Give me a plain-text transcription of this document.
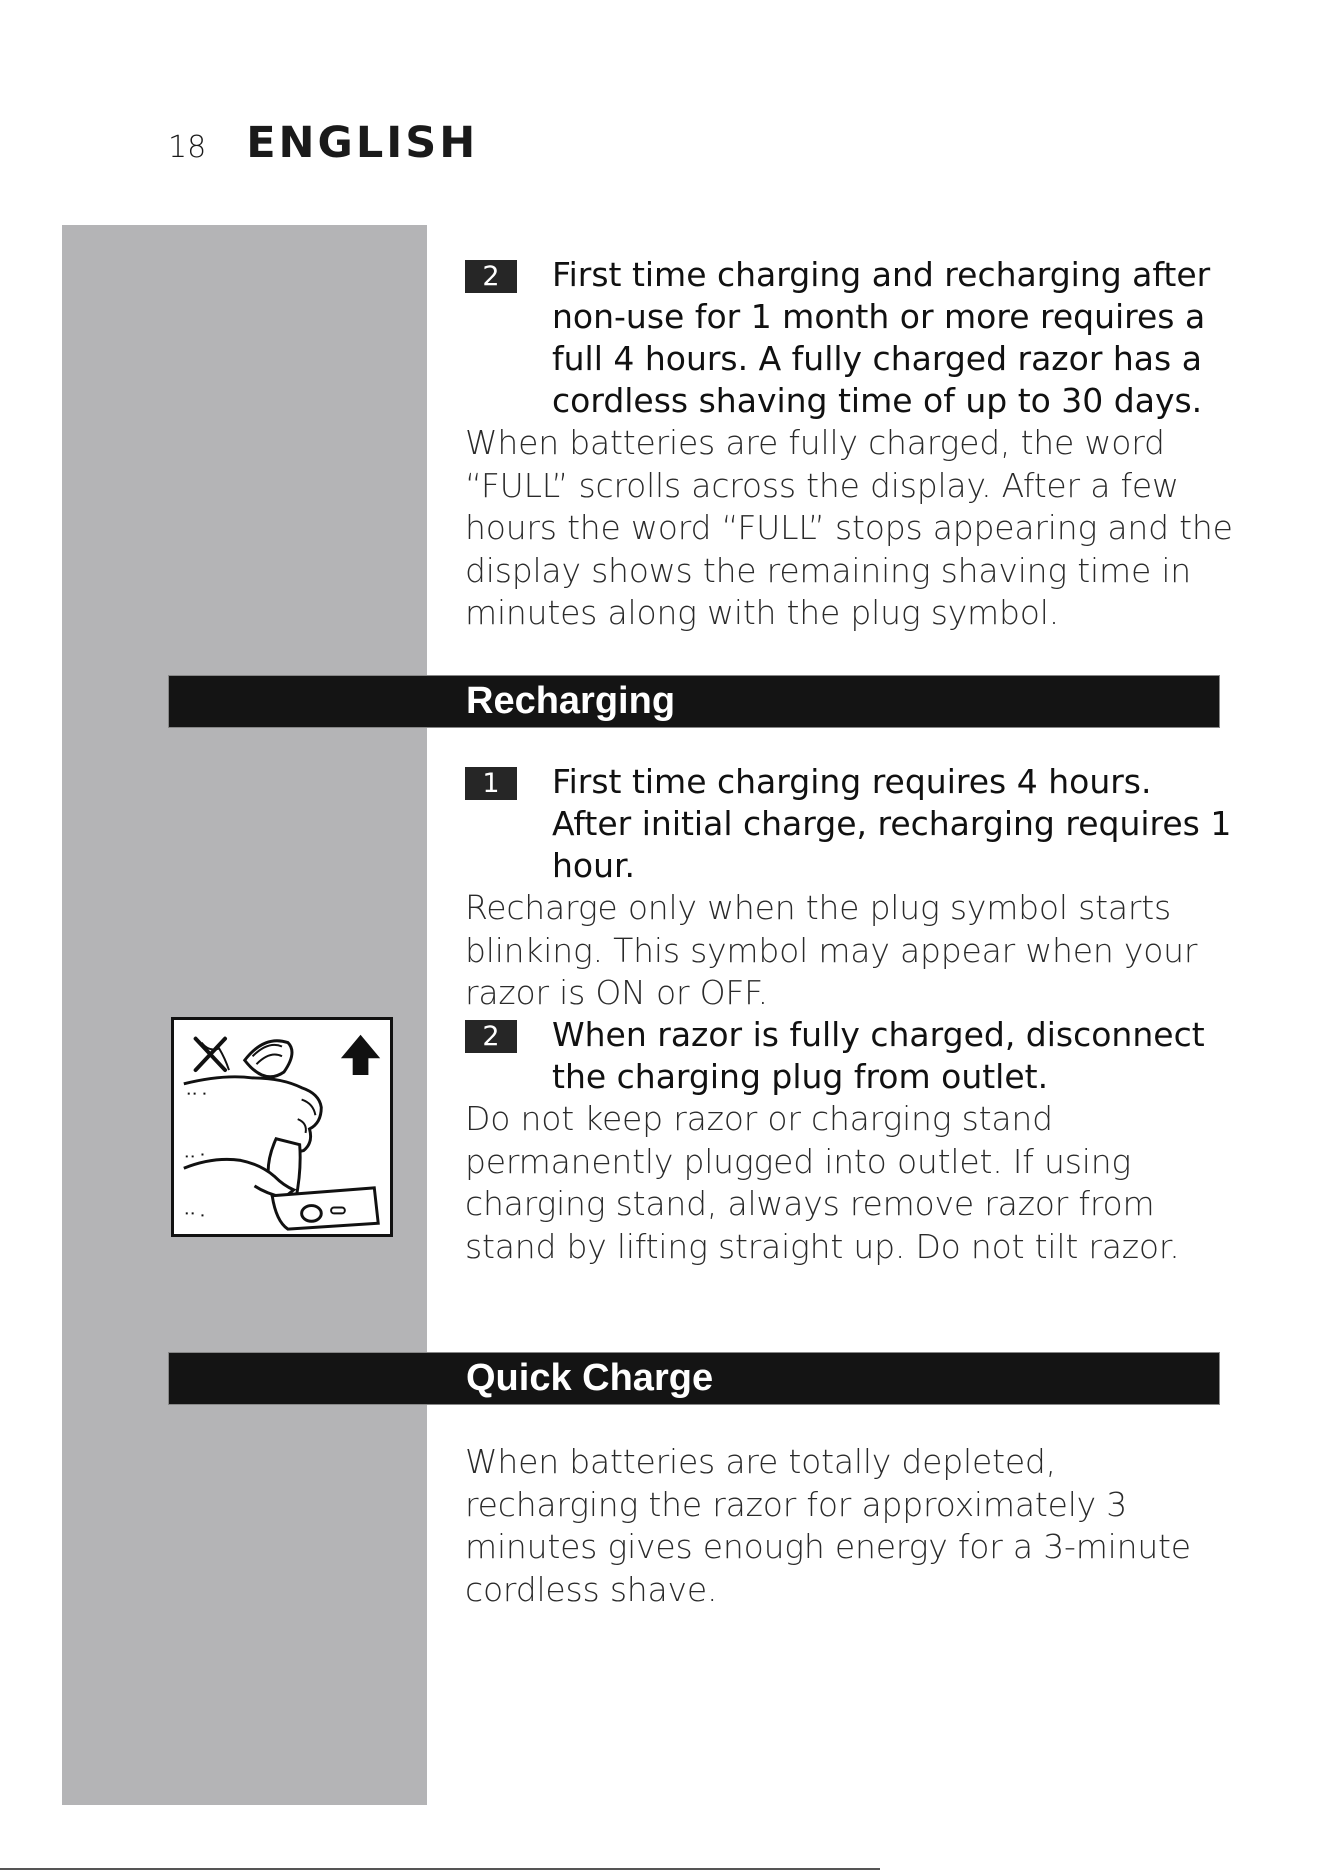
18 ENGLISH
2	First time charging and recharging after non-use for 1 month or more requires a full 4 hours. A fully charged razor has a cordless shaving time of up to 30 days.
When batteries are fully charged, the word “FULL” scrolls across the display. After a few hours the word “FULL” stops appearing and the display shows the remaining shaving time in minutes along with the plug symbol.
Recharging
1	First time charging requires 4 hours. After initial charge, recharging requires 1 hour.
Recharge only when the plug symbol starts blinking. This symbol may appear when your razor is ON or OFF.
2	When razor is fully charged, disconnect the charging plug from outlet.
Do not keep razor or charging stand permanently plugged into outlet. If using charging stand, always remove razor from stand by lifting straight up. Do not tilt razor.
Quick Charge
When batteries are totally depleted, recharging the razor for approximately 3 minutes gives enough energy for a 3-minute cordless shave.
